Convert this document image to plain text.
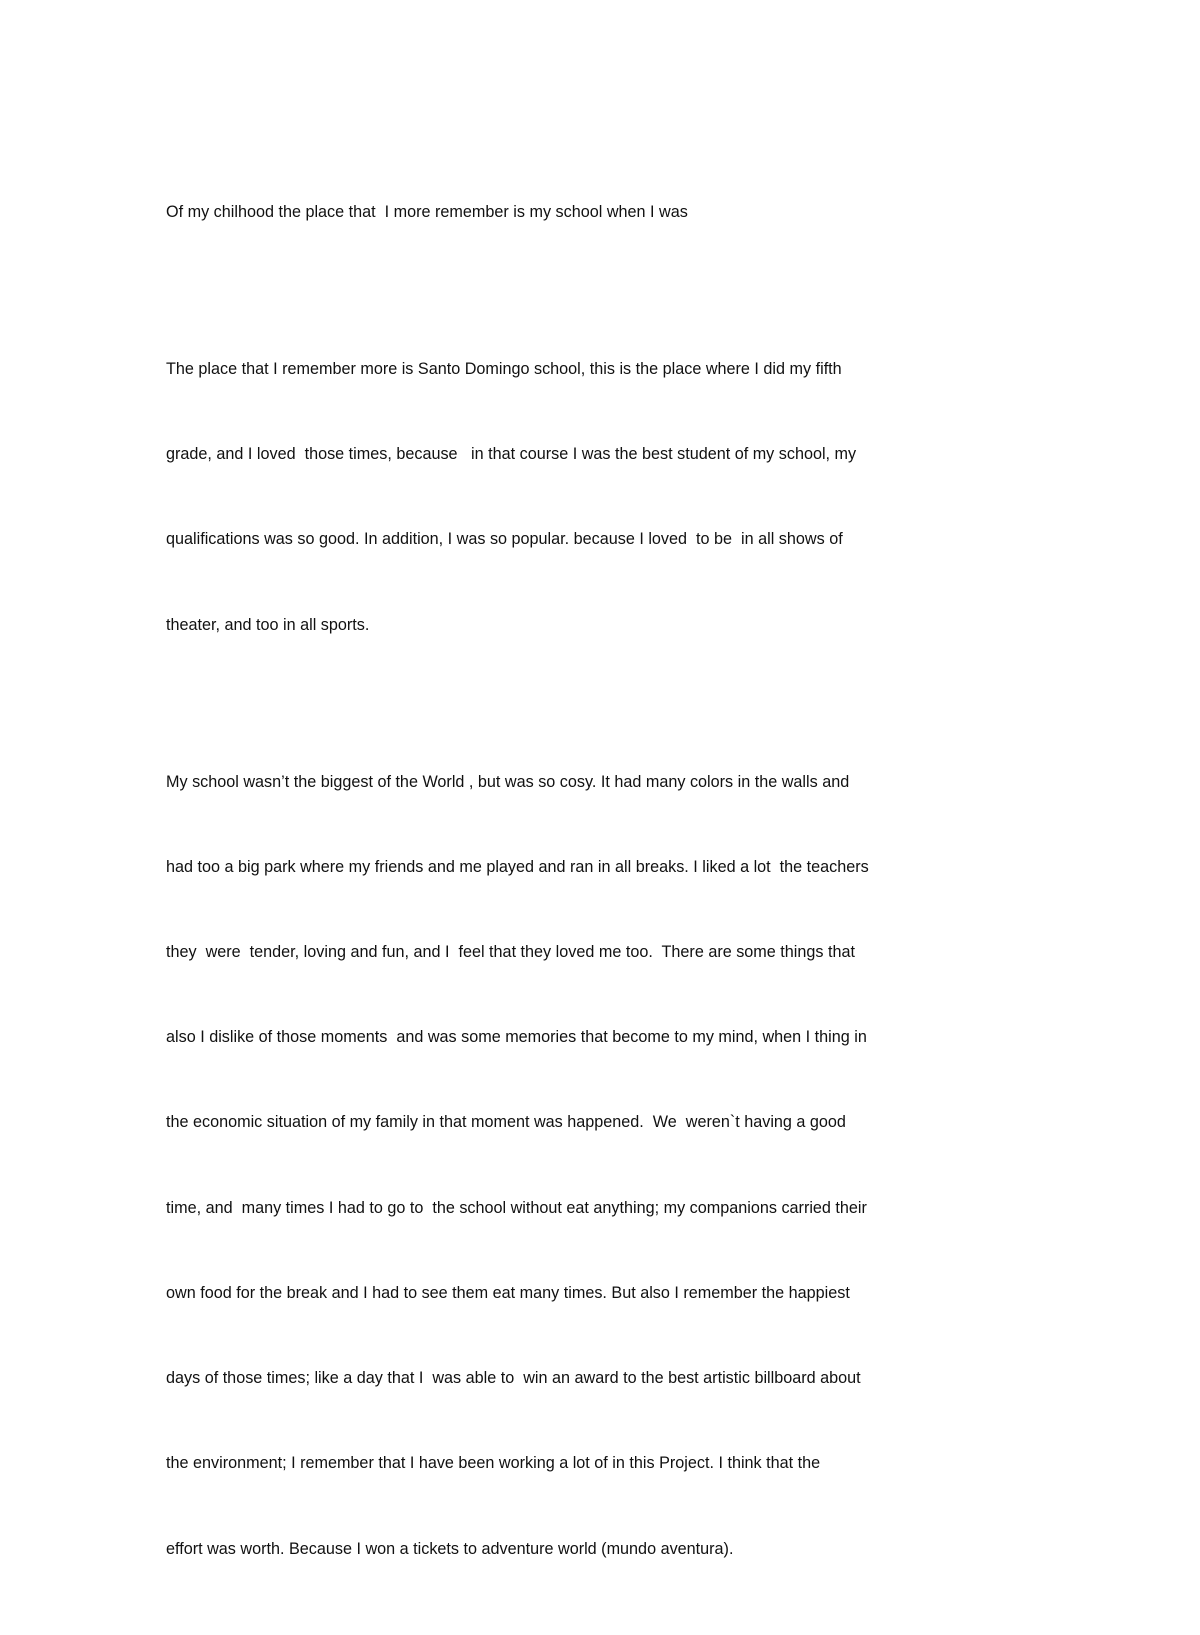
Of my chilhood the place that  I more remember is my school when I was

The place that I remember more is Santo Domingo school, this is the place where I did my fifth

grade, and I loved  those times, because   in that course I was the best student of my school, my

qualifications was so good. In addition, I was so popular. because I loved  to be  in all shows of

theater, and too in all sports.

My school wasn’t the biggest of the World , but was so cosy. It had many colors in the walls and

had too a big park where my friends and me played and ran in all breaks. I liked a lot  the teachers

they  were  tender, loving and fun, and I  feel that they loved me too.  There are some things that

also I dislike of those moments  and was some memories that become to my mind, when I thing in

the economic situation of my family in that moment was happened.  We  weren`t having a good

time, and  many times I had to go to  the school without eat anything; my companions carried their

own food for the break and I had to see them eat many times. But also I remember the happiest

days of those times; like a day that I  was able to  win an award to the best artistic billboard about

the environment; I remember that I have been working a lot of in this Project. I think that the

effort was worth. Because I won a tickets to adventure world (mundo aventura).
